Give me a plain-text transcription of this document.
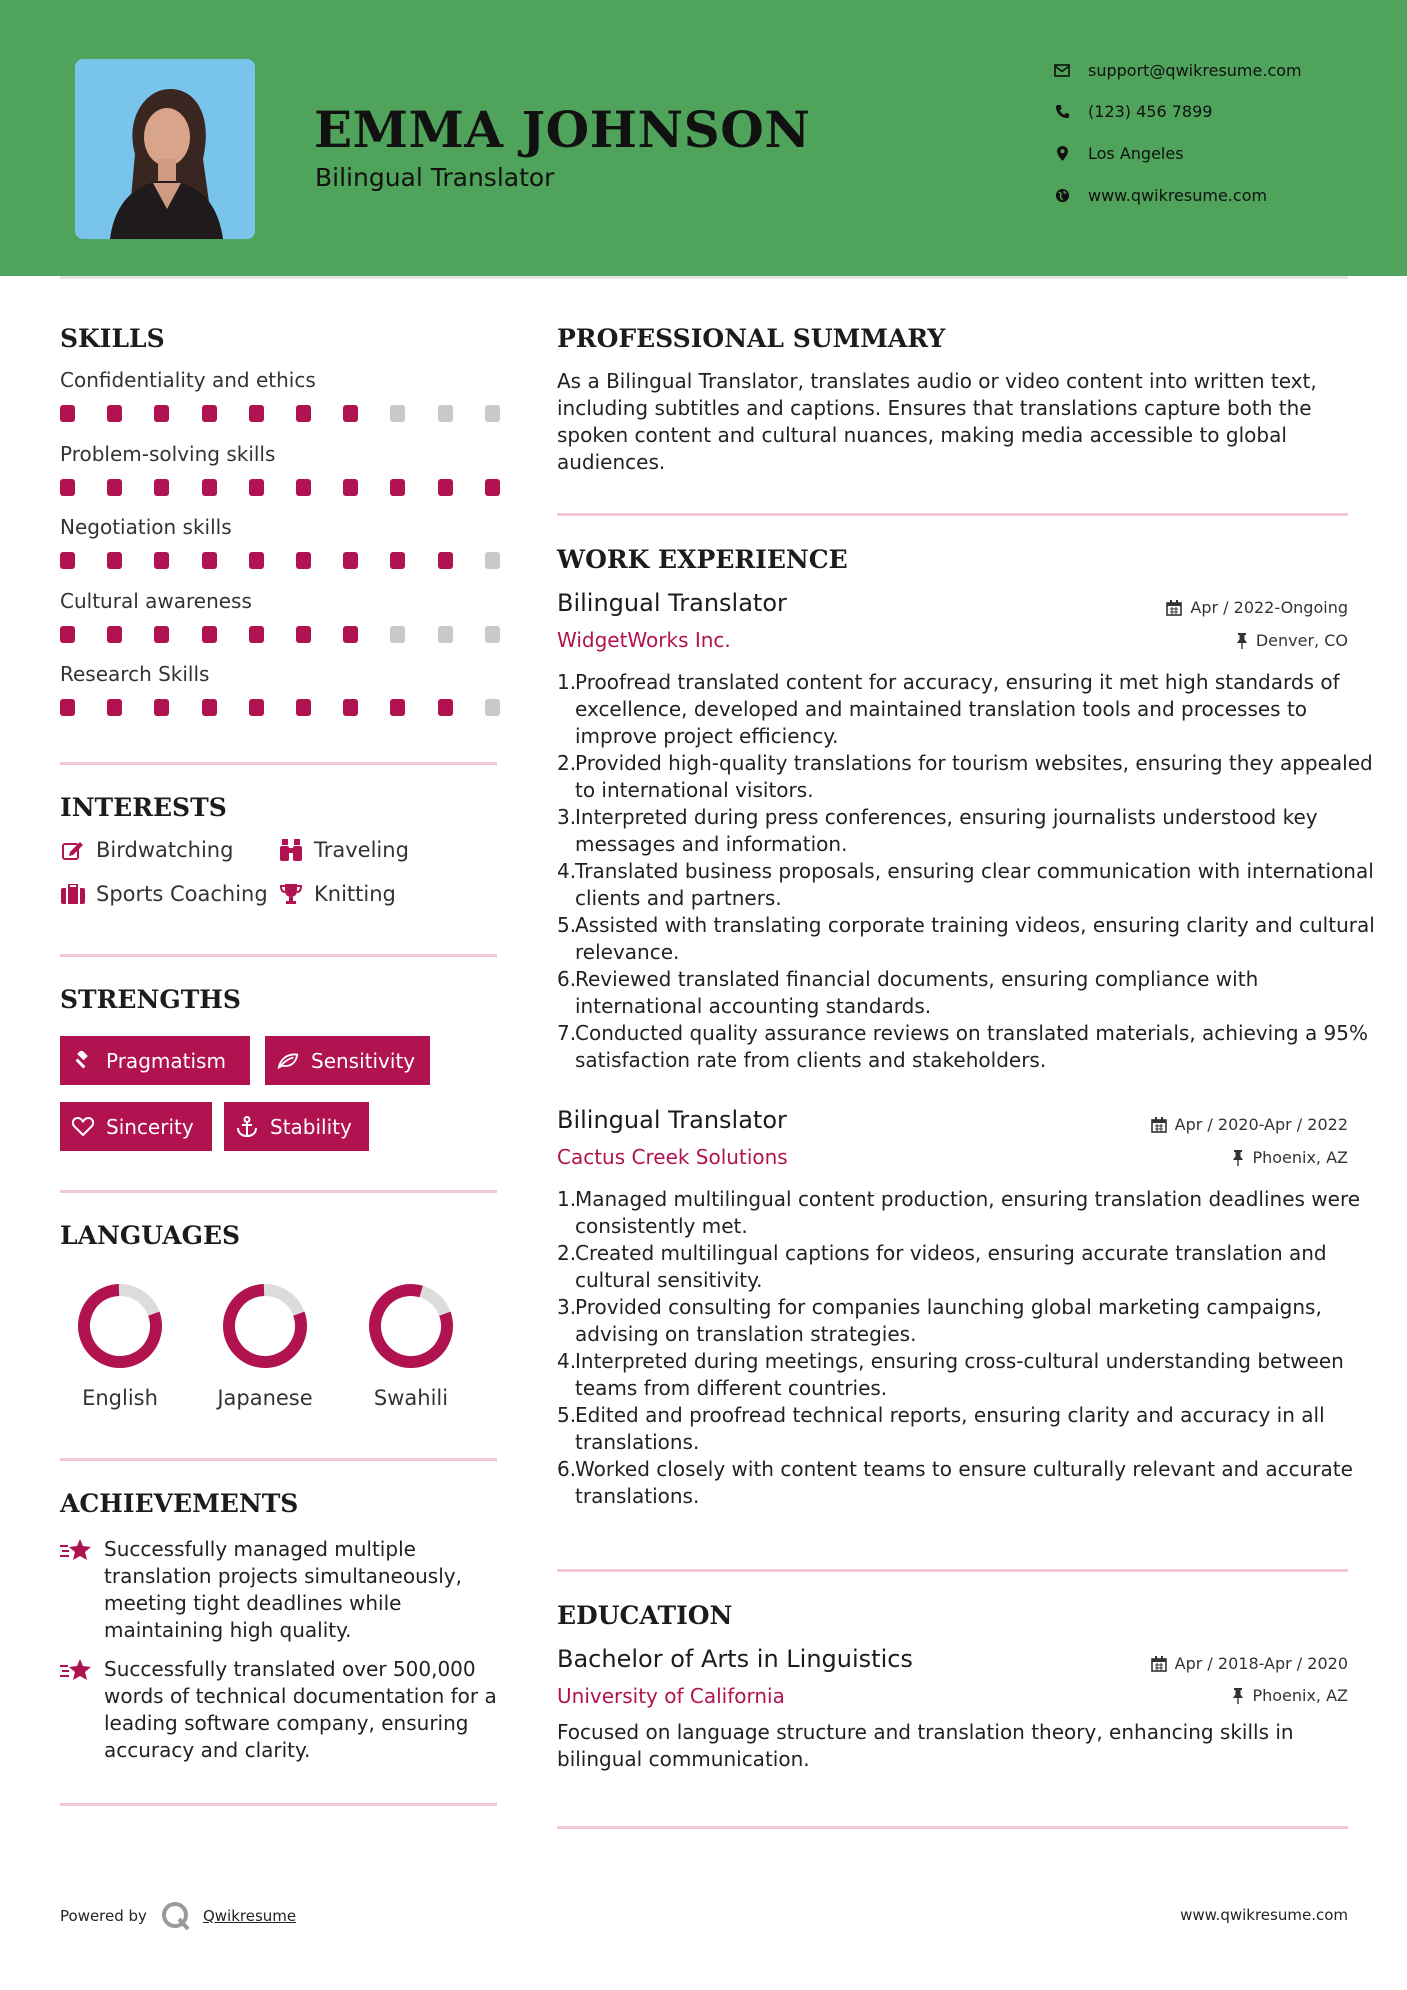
EMMA JOHNSON
Bilingual Translator
support@qwikresume.com
(123) 456 7899
Los Angeles
www.qwikresume.com
SKILLS
Confidentiality and ethics
Problem-solving skills
Negotiation skills
Cultural awareness
Research Skills
INTERESTS
Birdwatching	Traveling
Sports Coaching Knitting
STRENGTHS
Pragmatism	Sensitivity
Sincerity	Stability
LANGUAGES
English	Japanese	Swahili
ACHIEVEMENTS
Successfully managed multiple translation projects simultaneously, meeting tight deadlines while maintaining high quality.
Successfully translated over 500,000 words of technical documentation for a leading software company, ensuring accuracy and clarity.
PROFESSIONAL SUMMARY
As a Bilingual Translator, translates audio or video content into written text, including subtitles and captions. Ensures that translations capture both the spoken content and cultural nuances, making media accessible to global audiences.
WORK EXPERIENCE
Bilingual Translator	Apr / 2022-Ongoing
WidgetWorks Inc.	Denver, CO
1.
Proofread translated content for accuracy, ensuring it met high standards of excellence, developed and maintained translation tools and processes to improve project efficiency.
2.
Provided high-quality translations for tourism websites, ensuring they appealed to international visitors.
3.
Interpreted during press conferences, ensuring journalists understood key messages and information.
4.
Translated business proposals, ensuring clear communication with international clients and partners.
5.
Assisted with translating corporate training videos, ensuring clarity and cultural relevance.
6.
Reviewed translated financial documents, ensuring compliance with international accounting standards.
7.
Conducted quality assurance reviews on translated materials, achieving a 95% satisfaction rate from clients and stakeholders.
Bilingual Translator	Apr / 2020-Apr / 2022
Cactus Creek Solutions	Phoenix, AZ
1.
Managed multilingual content production, ensuring translation deadlines were consistently met.
2.
Created multilingual captions for videos, ensuring accurate translation and cultural sensitivity.
3.
Provided consulting for companies launching global marketing campaigns, advising on translation strategies.
4.
Interpreted during meetings, ensuring cross-cultural understanding between teams from different countries.
5.
Edited and proofread technical reports, ensuring clarity and accuracy in all translations.
6.
Worked closely with content teams to ensure culturally relevant and accurate translations.
EDUCATION
Bachelor of Arts in Linguistics	Apr / 2018-Apr / 2020
University of California	Phoenix, AZ
Focused on language structure and translation theory, enhancing skills in bilingual communication.
Powered by	Qwikresume	www.qwikresume.com
